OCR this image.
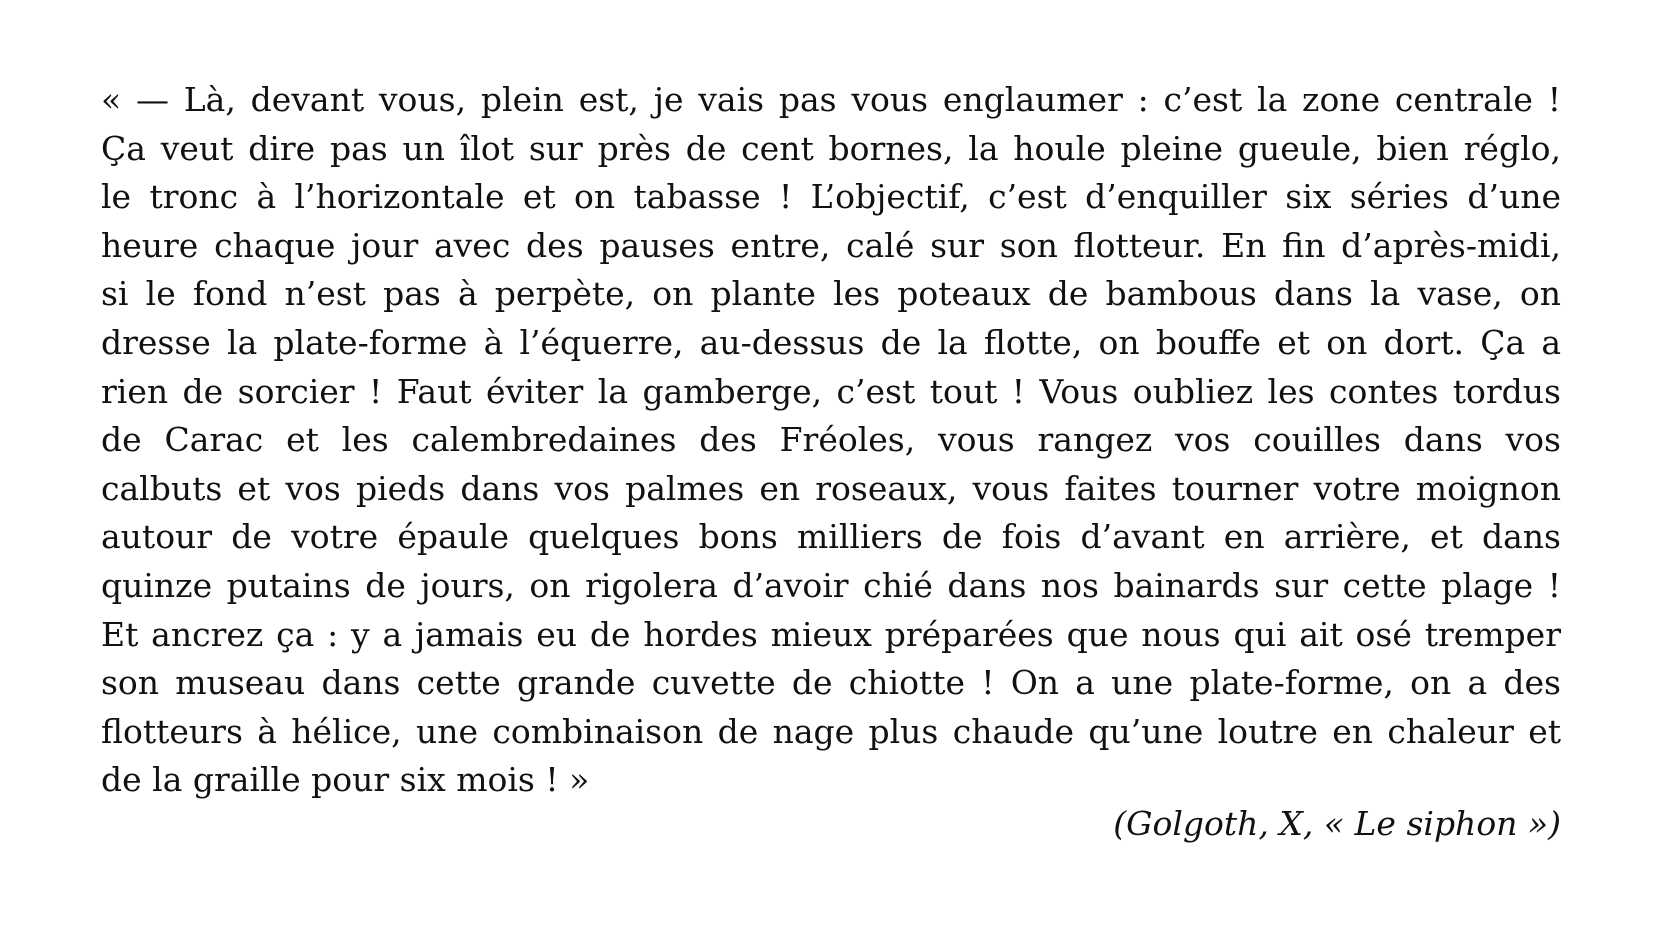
« — Là, devant vous, plein est, je vais pas vous englaumer : c’est la zone centrale !
Ça veut dire pas un îlot sur près de cent bornes, la houle pleine gueule, bien réglo,
le tronc à l’horizontale et on tabasse ! L’objectif, c’est d’enquiller six séries d’une
heure chaque jour avec des pauses entre, calé sur son flotteur. En fin d’après-midi,
si le fond n’est pas à perpète, on plante les poteaux de bambous dans la vase, on
dresse la plate-forme à l’équerre, au-dessus de la flotte, on bouffe et on dort. Ça a
rien de sorcier ! Faut éviter la gamberge, c’est tout ! Vous oubliez les contes tordus
de Carac et les calembredaines des Fréoles, vous rangez vos couilles dans vos
calbuts et vos pieds dans vos palmes en roseaux, vous faites tourner votre moignon
autour de votre épaule quelques bons milliers de fois d’avant en arrière, et dans
quinze putains de jours, on rigolera d’avoir chié dans nos bainards sur cette plage !
Et ancrez ça : y a jamais eu de hordes mieux préparées que nous qui ait osé tremper
son museau dans cette grande cuvette de chiotte ! On a une plate-forme, on a des
flotteurs à hélice, une combinaison de nage plus chaude qu’une loutre en chaleur et
de la graille pour six mois ! »
(Golgoth, X, « Le siphon »)
